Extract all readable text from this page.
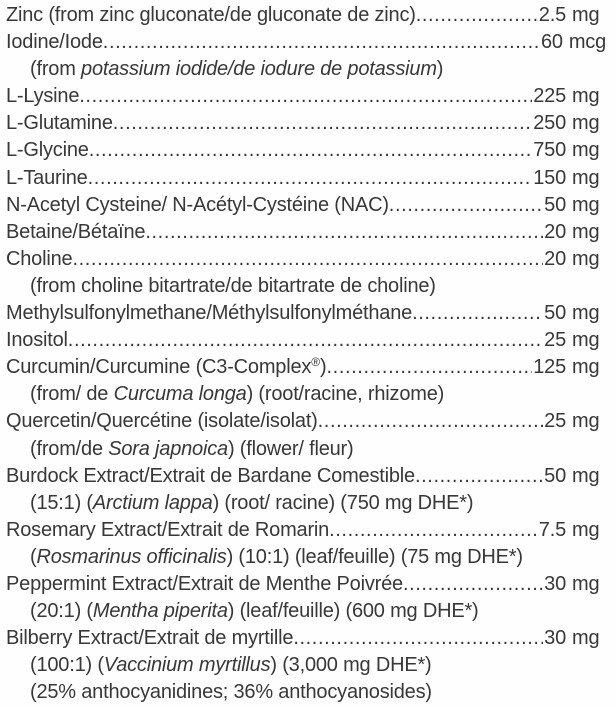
Zinc (from zinc gluconate/de gluconate de zinc) .....	2.5 mg
Iodine/Iode .....	60 mcg
(from potassium iodide/de iodure de potassium)
L-Lysine .....	225 mg
L-Glutamine .....	250 mg
L-Glycine .....	750 mg
L-Taurine .....	150 mg
N-Acetyl Cysteine/ N-Acétyl-Cystéine (NAC) .....	50 mg
Betaine/Bétaïne .....	20 mg
Choline .....	20 mg
(from choline bitartrate/de bitartrate de choline)
Methylsulfonylmethane/Méthylsulfonylméthane .....	50 mg
Inositol .....	25 mg
Curcumin/Curcumine (C3-Complex®) .....	125 mg
(from/ de Curcuma longa) (root/racine, rhizome)
Quercetin/Quercétine (isolate/isolat) .....	25 mg
(from/de Sora japnoica) (flower/ fleur)
Burdock Extract/Extrait de Bardane Comestible .....	50 mg
(15:1) (Arctium lappa) (root/ racine) (750 mg DHE*)
Rosemary Extract/Extrait de Romarin .....	7.5 mg
(Rosmarinus officinalis) (10:1) (leaf/feuille) (75 mg DHE*)
Peppermint Extract/Extrait de Menthe Poivrée .....	30 mg
(20:1) (Mentha piperita) (leaf/feuille) (600 mg DHE*)
Bilberry Extract/Extrait de myrtille .....	30 mg
(100:1) (Vaccinium myrtillus) (3,000 mg DHE*)
(25% anthocyanidines; 36% anthocyanosides)
